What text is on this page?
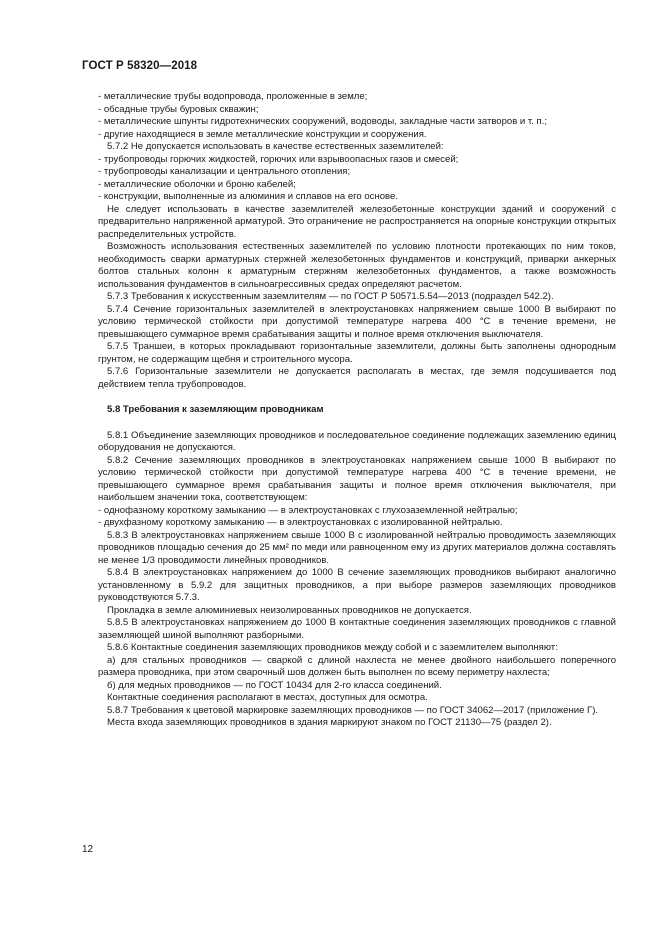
ГОСТ Р 58320—2018

- металлические трубы водопровода, проложенные в земле;

- обсадные трубы буровых скважин;

- металлические шпунты гидротехнических сооружений, водоводы, закладные части затворов и т. п.;

- другие находящиеся в земле металлические конструкции и сооружения.

5.7.2 Не допускается использовать в качестве естественных заземлителей:

- трубопроводы горючих жидкостей, горючих или взрывоопасных газов и смесей;

- трубопроводы канализации и центрального отопления;

- металлические оболочки и броню кабелей;

- конструкции, выполненные из алюминия и сплавов на его основе.

Не следует использовать в качестве заземлителей железобетонные конструкции зданий и сооружений с предварительно напряженной арматурой. Это ограничение не распространяется на опорные конструкции открытых распределительных устройств.

Возможность использования естественных заземлителей по условию плотности протекающих по ним токов, необходимость сварки арматурных стержней железобетонных фундаментов и конструкций, приварки анкерных болтов стальных колонн к арматурным стержням железобетонных фундаментов, а также возможность использования фундаментов в сильноагрессивных средах определяют расчетом.

5.7.3 Требования к искусственным заземлителям — по ГОСТ Р 50571.5.54—2013 (подраздел 542.2).

5.7.4 Сечение горизонтальных заземлителей в электроустановках напряжением свыше 1000 В выбирают по условию термической стойкости при допустимой температуре нагрева 400 °С в течение времени, не превышающего суммарное время срабатывания защиты и полное время отключения выключателя.

5.7.5 Траншеи, в которых прокладывают горизонтальные заземлители, должны быть заполнены однородным грунтом, не содержащим щебня и строительного мусора.

5.7.6 Горизонтальные заземлители не допускается располагать в местах, где земля подсушивается под действием тепла трубопроводов.

5.8 Требования к заземляющим проводникам

5.8.1 Объединение заземляющих проводников и последовательное соединение подлежащих заземлению единиц оборудования не допускаются.

5.8.2 Сечение заземляющих проводников в электроустановках напряжением свыше 1000 В выбирают по условию термической стойкости при допустимой температуре нагрева 400 °С в течение времени, не превышающего суммарное время срабатывания защиты и полное время отключения выключателя, при наибольшем значении тока, соответствующем:

- однофазному короткому замыканию — в электроустановках с глухозаземленной нейтралью;

- двухфазному короткому замыканию — в электроустановках с изолированной нейтралью.

5.8.3 В электроустановках напряжением свыше 1000 В с изолированной нейтралью проводимость заземляющих проводников площадью сечения до 25 мм² по меди или равноценном ему из других материалов должна составлять не менее 1/3 проводимости линейных проводников.

5.8.4 В электроустановках напряжением до 1000 В сечение заземляющих проводников выбирают аналогично установленному в 5.9.2 для защитных проводников, а при выборе размеров заземляющих проводников руководствуются 5.7.3.

Прокладка в земле алюминиевых неизолированных проводников не допускается.

5.8.5 В электроустановках напряжением до 1000 В контактные соединения заземляющих проводников с главной заземляющей шиной выполняют разборными.

5.8.6 Контактные соединения заземляющих проводников между собой и с заземлителем выполняют:

а) для стальных проводников — сваркой с длиной нахлеста не менее двойного наибольшего поперечного размера проводника, при этом сварочный шов должен быть выполнен по всему периметру нахлеста;

б) для медных проводников — по ГОСТ 10434 для 2-го класса соединений.

Контактные соединения располагают в местах, доступных для осмотра.

5.8.7 Требования к цветовой маркировке заземляющих проводников — по ГОСТ 34062—2017 (приложение Г).

Места входа заземляющих проводников в здания маркируют знаком по ГОСТ 21130—75 (раздел 2).

12
